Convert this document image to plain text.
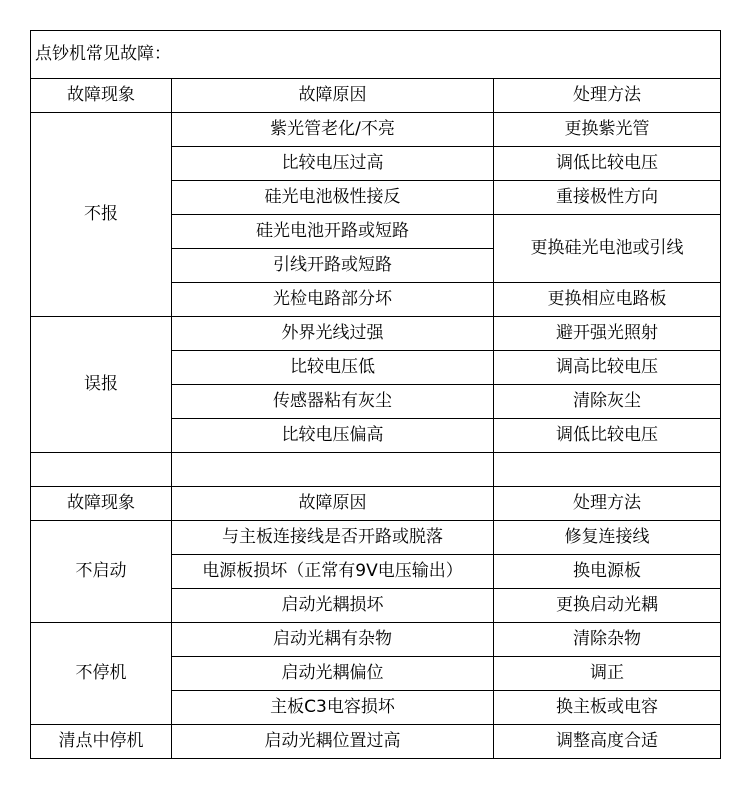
点钞机常见故障：		
故障现象	故障原因	处理方法
不报	紫光管老化/不亮	更换紫光管
	比较电压过高	调低比较电压
	硅光电池极性接反	重接极性方向
	硅光电池开路或短路	更换硅光电池或引线
	引线开路或短路	
	光检电路部分坏	更换相应电路板
误报	外界光线过强	避开强光照射
	比较电压低	调高比较电压
	传感器粘有灰尘	清除灰尘
	比较电压偏高	调低比较电压

故障现象	故障原因	处理方法
不启动	与主板连接线是否开路或脱落	修复连接线
	电源板损坏（正常有9V电压输出）	换电源板
	启动光耦损坏	更换启动光耦
不停机	启动光耦有杂物	清除杂物
	启动光耦偏位	调正
	主板C3电容损坏	换主板或电容
清点中停机	启动光耦位置过高	调整高度合适
